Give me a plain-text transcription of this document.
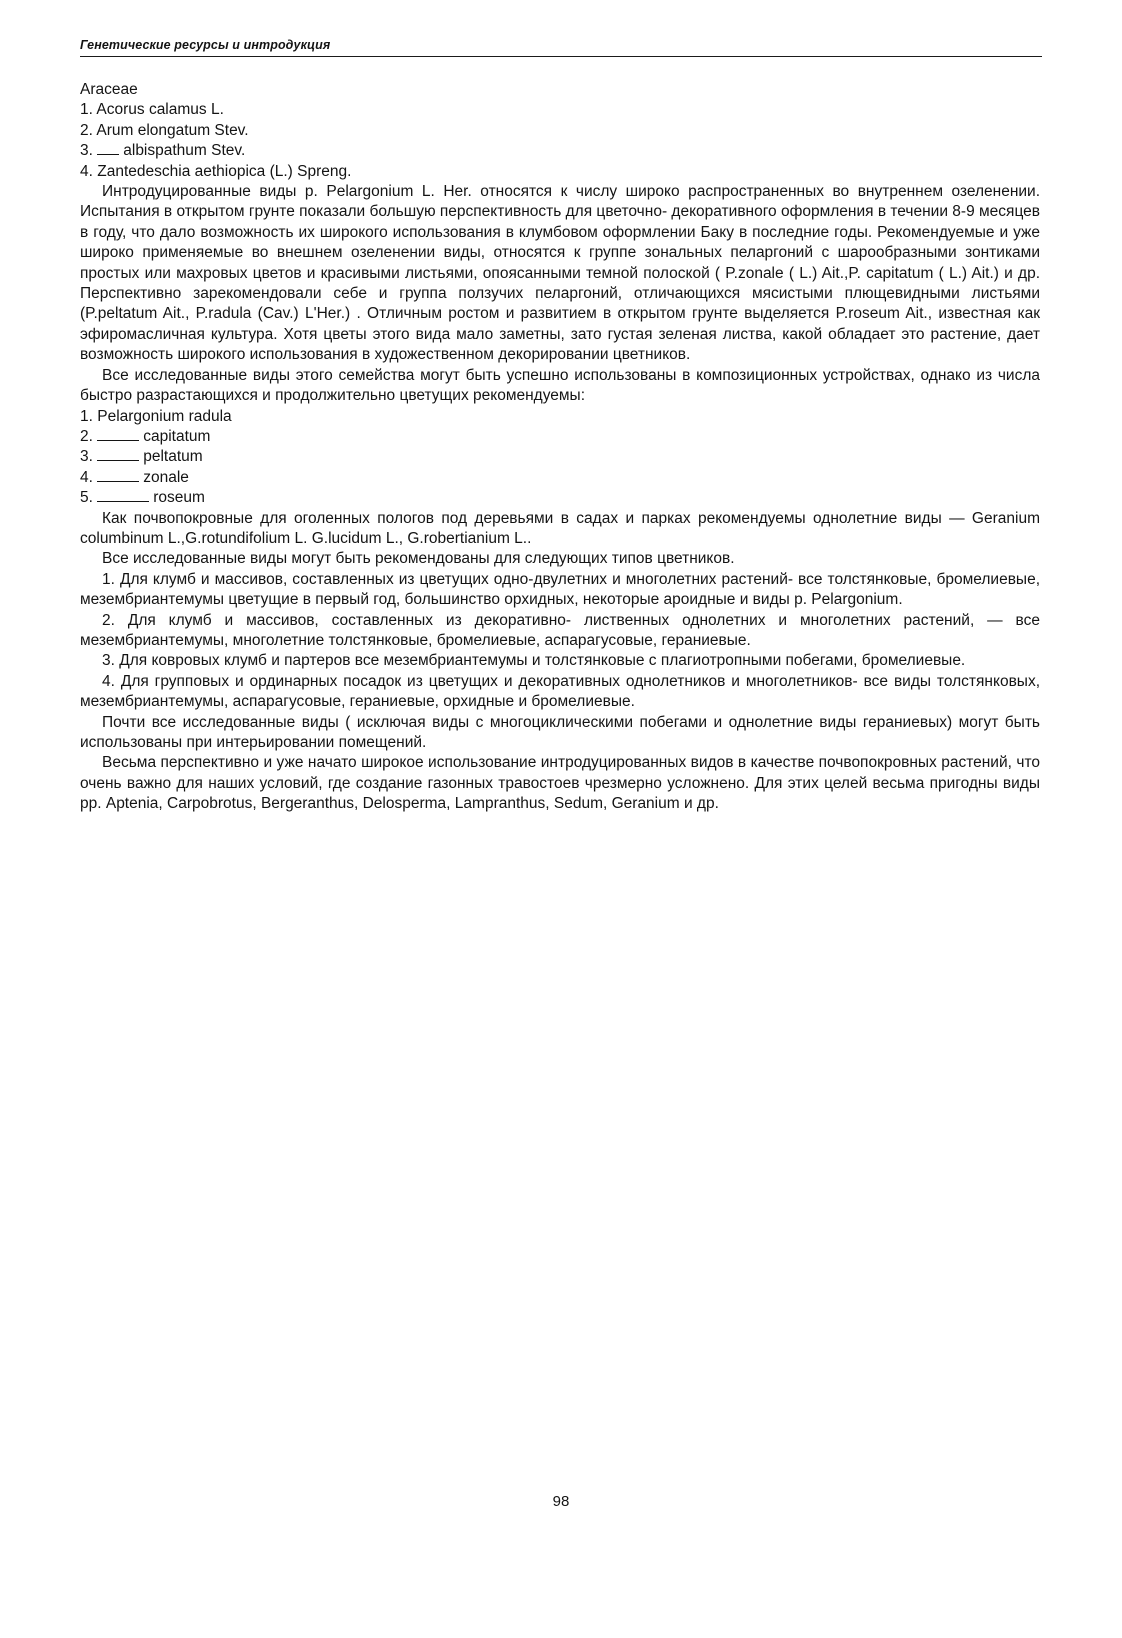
Генетические ресурсы и интродукция

Araceae

1. Acorus calamus L.

2. Arum elongatum Stev.

3. albispathum Stev.

4. Zantedeschia aethiopica (L.) Spreng.

Интродуцированные виды р. Pelargonium L. Her. относятся к числу широко распространенных во внутреннем озеленении. Испытания в открытом грунте показали большую перспективность для цветочно- декоративного оформления в течении 8-9 месяцев в году, что дало возможность их широкого использования в клумбовом оформлении Баку в последние годы. Рекомендуемые и уже широко применяемые во внешнем озеленении виды, относятся к группе зональных пеларгоний с шарообразными зонтиками простых или махровых цветов и красивыми листьями, опоясанными темной полоской ( P.zonale ( L.) Ait.,P. capitatum ( L.) Ait.) и др. Перспективно зарекомендовали себе и группа ползучих пеларгоний, отличающихся мясистыми плющевидными листьями (P.peltatum Ait., P.radula (Cav.) L'Her.) . Отличным ростом и развитием в открытом грунте выделяется P.roseum Ait., известная как эфиромасличная культура. Хотя цветы этого вида мало заметны, зато густая зеленая листва, какой обладает это растение, дает возможность широкого использования в художественном декорировании цветников.

Все исследованные виды этого семейства могут быть успешно использованы в композиционных устройствах, однако из числа быстро разрастающихся и продолжительно цветущих рекомендуемы:

1. Pelargonium radula

2.	capitatum

3.	peltatum

4.	zonale

5.	roseum

Как почвопокровные для оголенных пологов под деревьями в садах и парках рекомендуемы однолетние виды — Geranium columbinum L.,G.rotundifolium L. G.lucidum L., G.robertianium L..

Все исследованные виды могут быть рекомендованы для следующих типов цветников.

1. Для клумб и массивов, составленных из цветущих одно-двулетних и многолетних растений- все толстянковые, бромелиевые, мезембриантемумы цветущие в первый год, большинство орхидных, некоторые ароидные и виды р. Pelargonium.

2. Для клумб и массивов, составленных из декоративно- лиственных однолетних и многолетних растений, — все мезембриантемумы, многолетние толстянковые, бромелиевые, аспарагусовые, гераниевые.

3. Для ковровых клумб и партеров все мезембриантемумы и толстянковые с плагиотропными побегами, бромелиевые.

4. Для групповых и ординарных посадок из цветущих и декоративных однолетников и многолетников- все виды толстянковых, мезембриантемумы, аспарагусовые, гераниевые, орхидные и бромелиевые.

Почти все исследованные виды ( исключая виды с многоциклическими побегами и однолетние виды гераниевых) могут быть использованы при интерьировании помещений.

Весьма перспективно и уже начато широкое использование интродуцированных видов в качестве почвопокровных растений, что очень важно для наших условий, где создание газонных травостоев чрезмерно усложнено. Для этих целей весьма пригодны виды рр. Aptenia, Carpobrotus, Bergeranthus, Delosperma, Lampranthus, Sedum, Geranium и др.

98
